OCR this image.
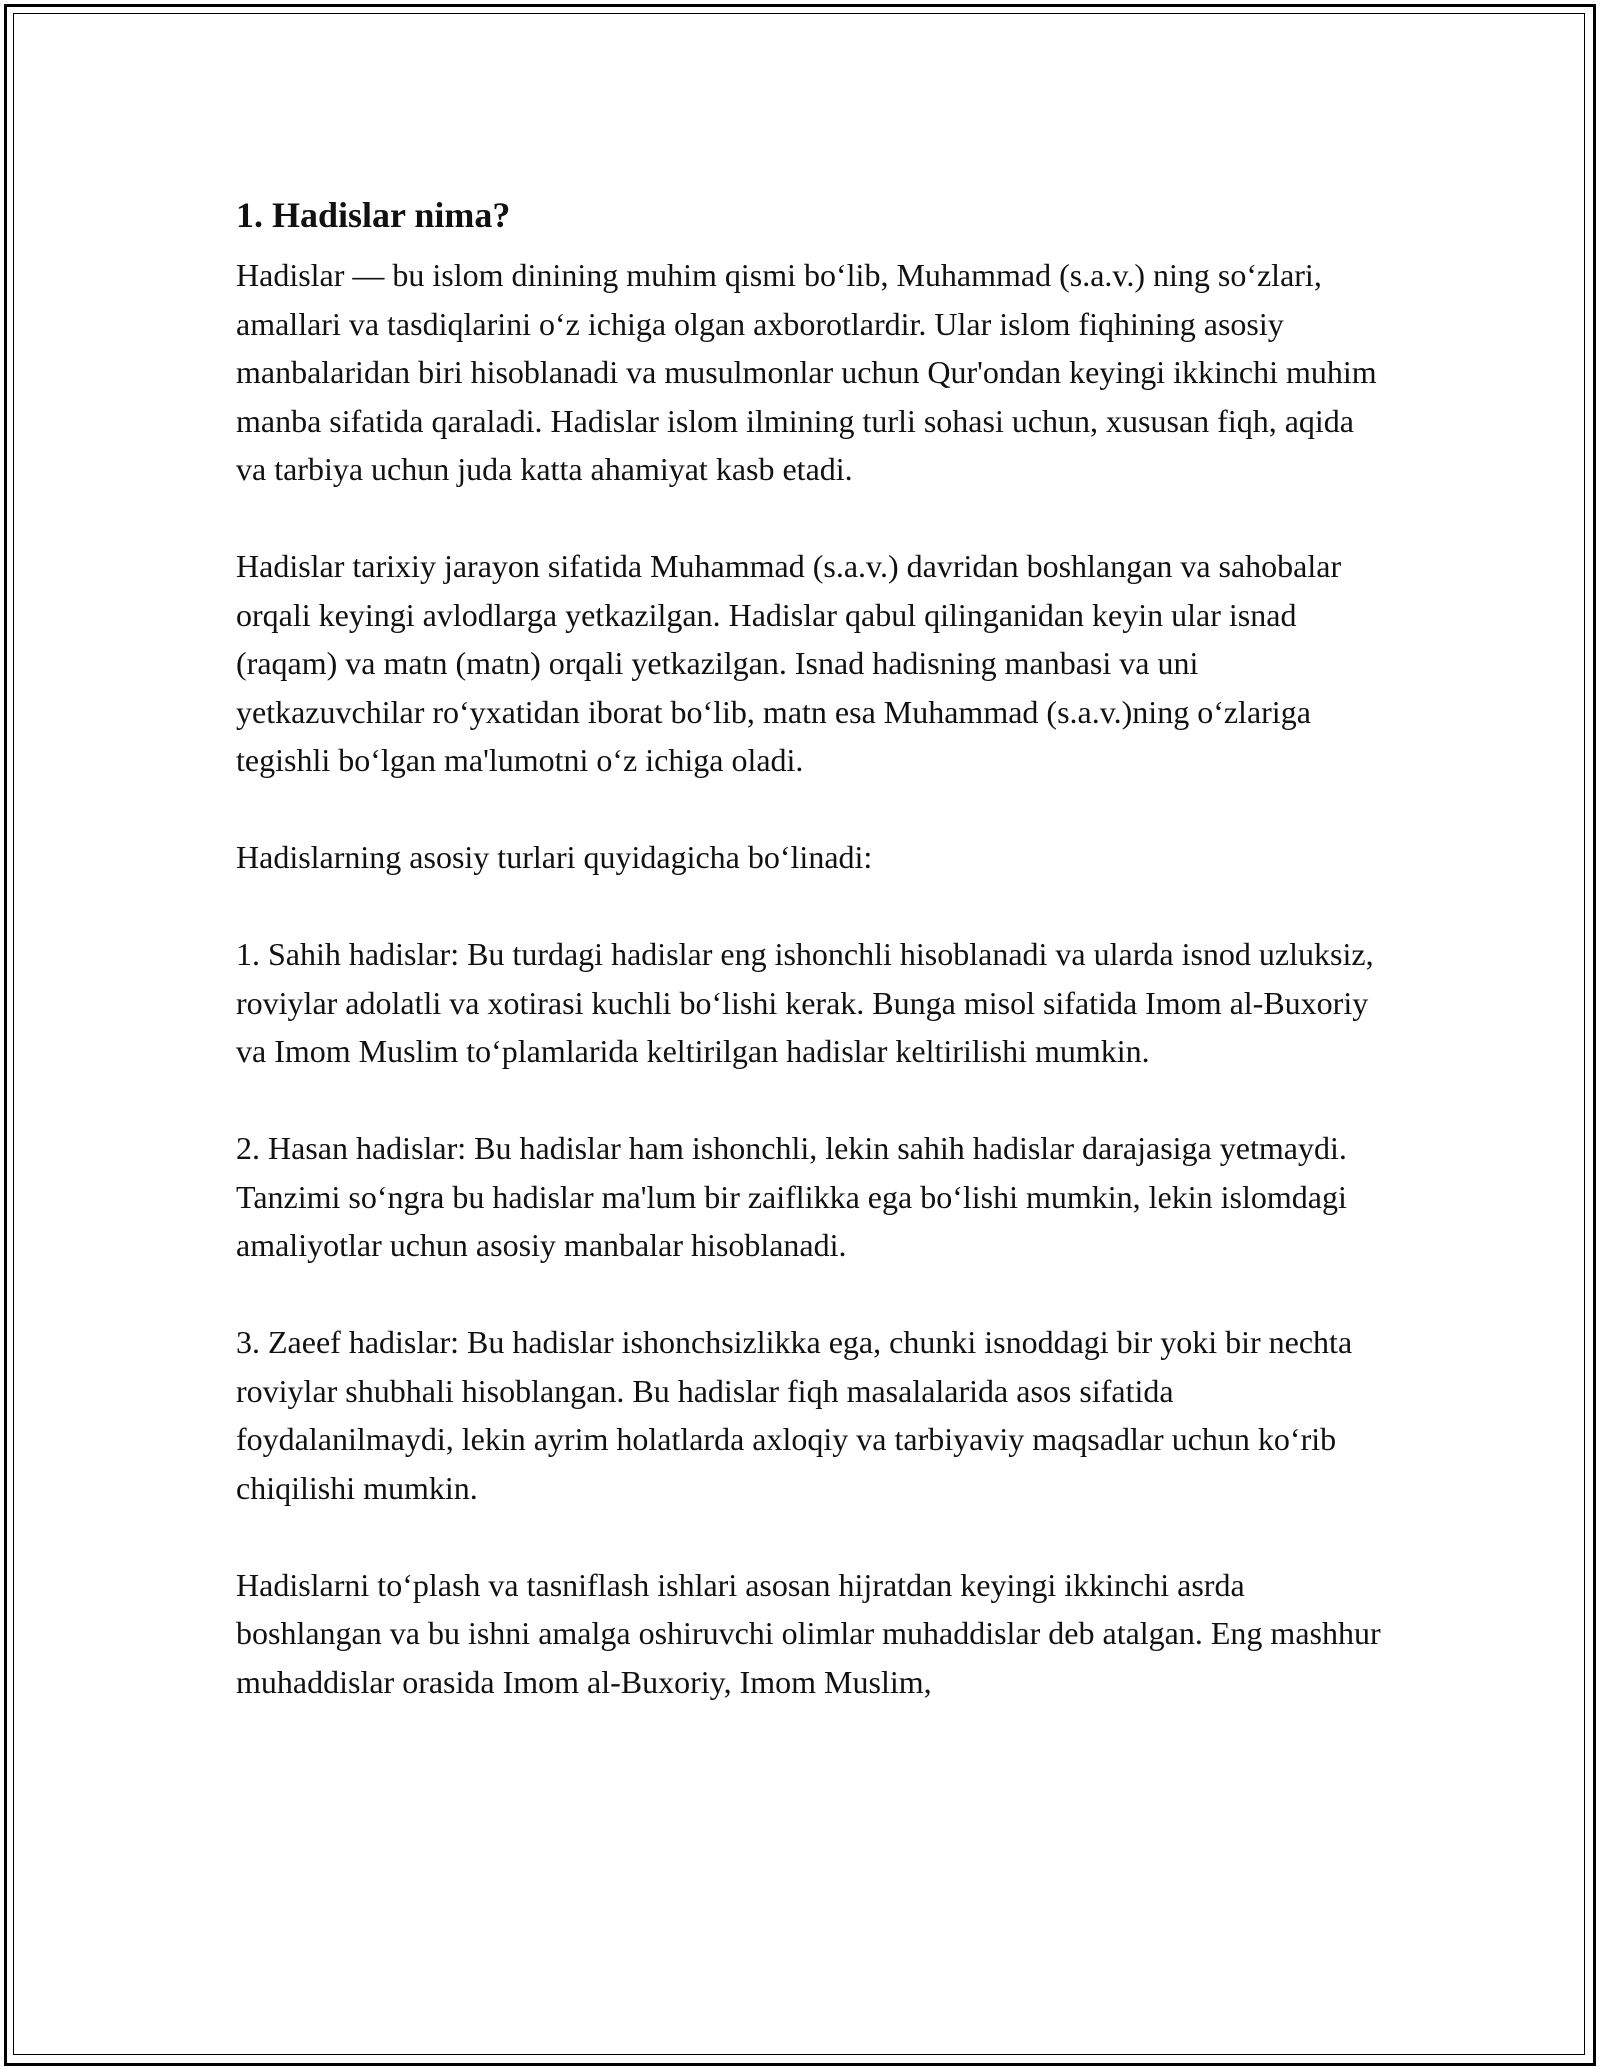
1. Hadislar nima?

Hadislar — bu islom dinining muhim qismi bo‘lib, Muhammad (s.a.v.) ning so‘zlari, amallari va tasdiqlarini o‘z ichiga olgan axborotlardir. Ular islom fiqhining asosiy manbalaridan biri hisoblanadi va musulmonlar uchun Qur'ondan keyingi ikkinchi muhim manba sifatida qaraladi. Hadislar islom ilmining turli sohasi uchun, xususan fiqh, aqida va tarbiya uchun juda katta ahamiyat kasb etadi.

Hadislar tarixiy jarayon sifatida Muhammad (s.a.v.) davridan boshlangan va sahobalar orqali keyingi avlodlarga yetkazilgan. Hadislar qabul qilinganidan keyin ular isnad (raqam) va matn (matn) orqali yetkazilgan. Isnad hadisning manbasi va uni yetkazuvchilar ro‘yxatidan iborat bo‘lib, matn esa Muhammad (s.a.v.)ning o‘zlariga tegishli bo‘lgan ma'lumotni o‘z ichiga oladi.

Hadislarning asosiy turlari quyidagicha bo‘linadi:

1. Sahih hadislar: Bu turdagi hadislar eng ishonchli hisoblanadi va ularda isnod uzluksiz, roviylar adolatli va xotirasi kuchli bo‘lishi kerak. Bunga misol sifatida Imom al-Buxoriy va Imom Muslim to‘plamlarida keltirilgan hadislar keltirilishi mumkin.

2. Hasan hadislar: Bu hadislar ham ishonchli, lekin sahih hadislar darajasiga yetmaydi. Tanzimi so‘ngra bu hadislar ma'lum bir zaiflikka ega bo‘lishi mumkin, lekin islomdagi amaliyotlar uchun asosiy manbalar hisoblanadi.

3. Zaeef hadislar: Bu hadislar ishonchsizlikka ega, chunki isnoddagi bir yoki bir nechta roviylar shubhali hisoblangan. Bu hadislar fiqh masalalarida asos sifatida foydalanilmaydi, lekin ayrim holatlarda axloqiy va tarbiyaviy maqsadlar uchun ko‘rib chiqilishi mumkin.

Hadislarni to‘plash va tasniflash ishlari asosan hijratdan keyingi ikkinchi asrda boshlangan va bu ishni amalga oshiruvchi olimlar muhaddislar deb atalgan. Eng mashhur muhaddislar orasida Imom al-Buxoriy, Imom Muslim,
